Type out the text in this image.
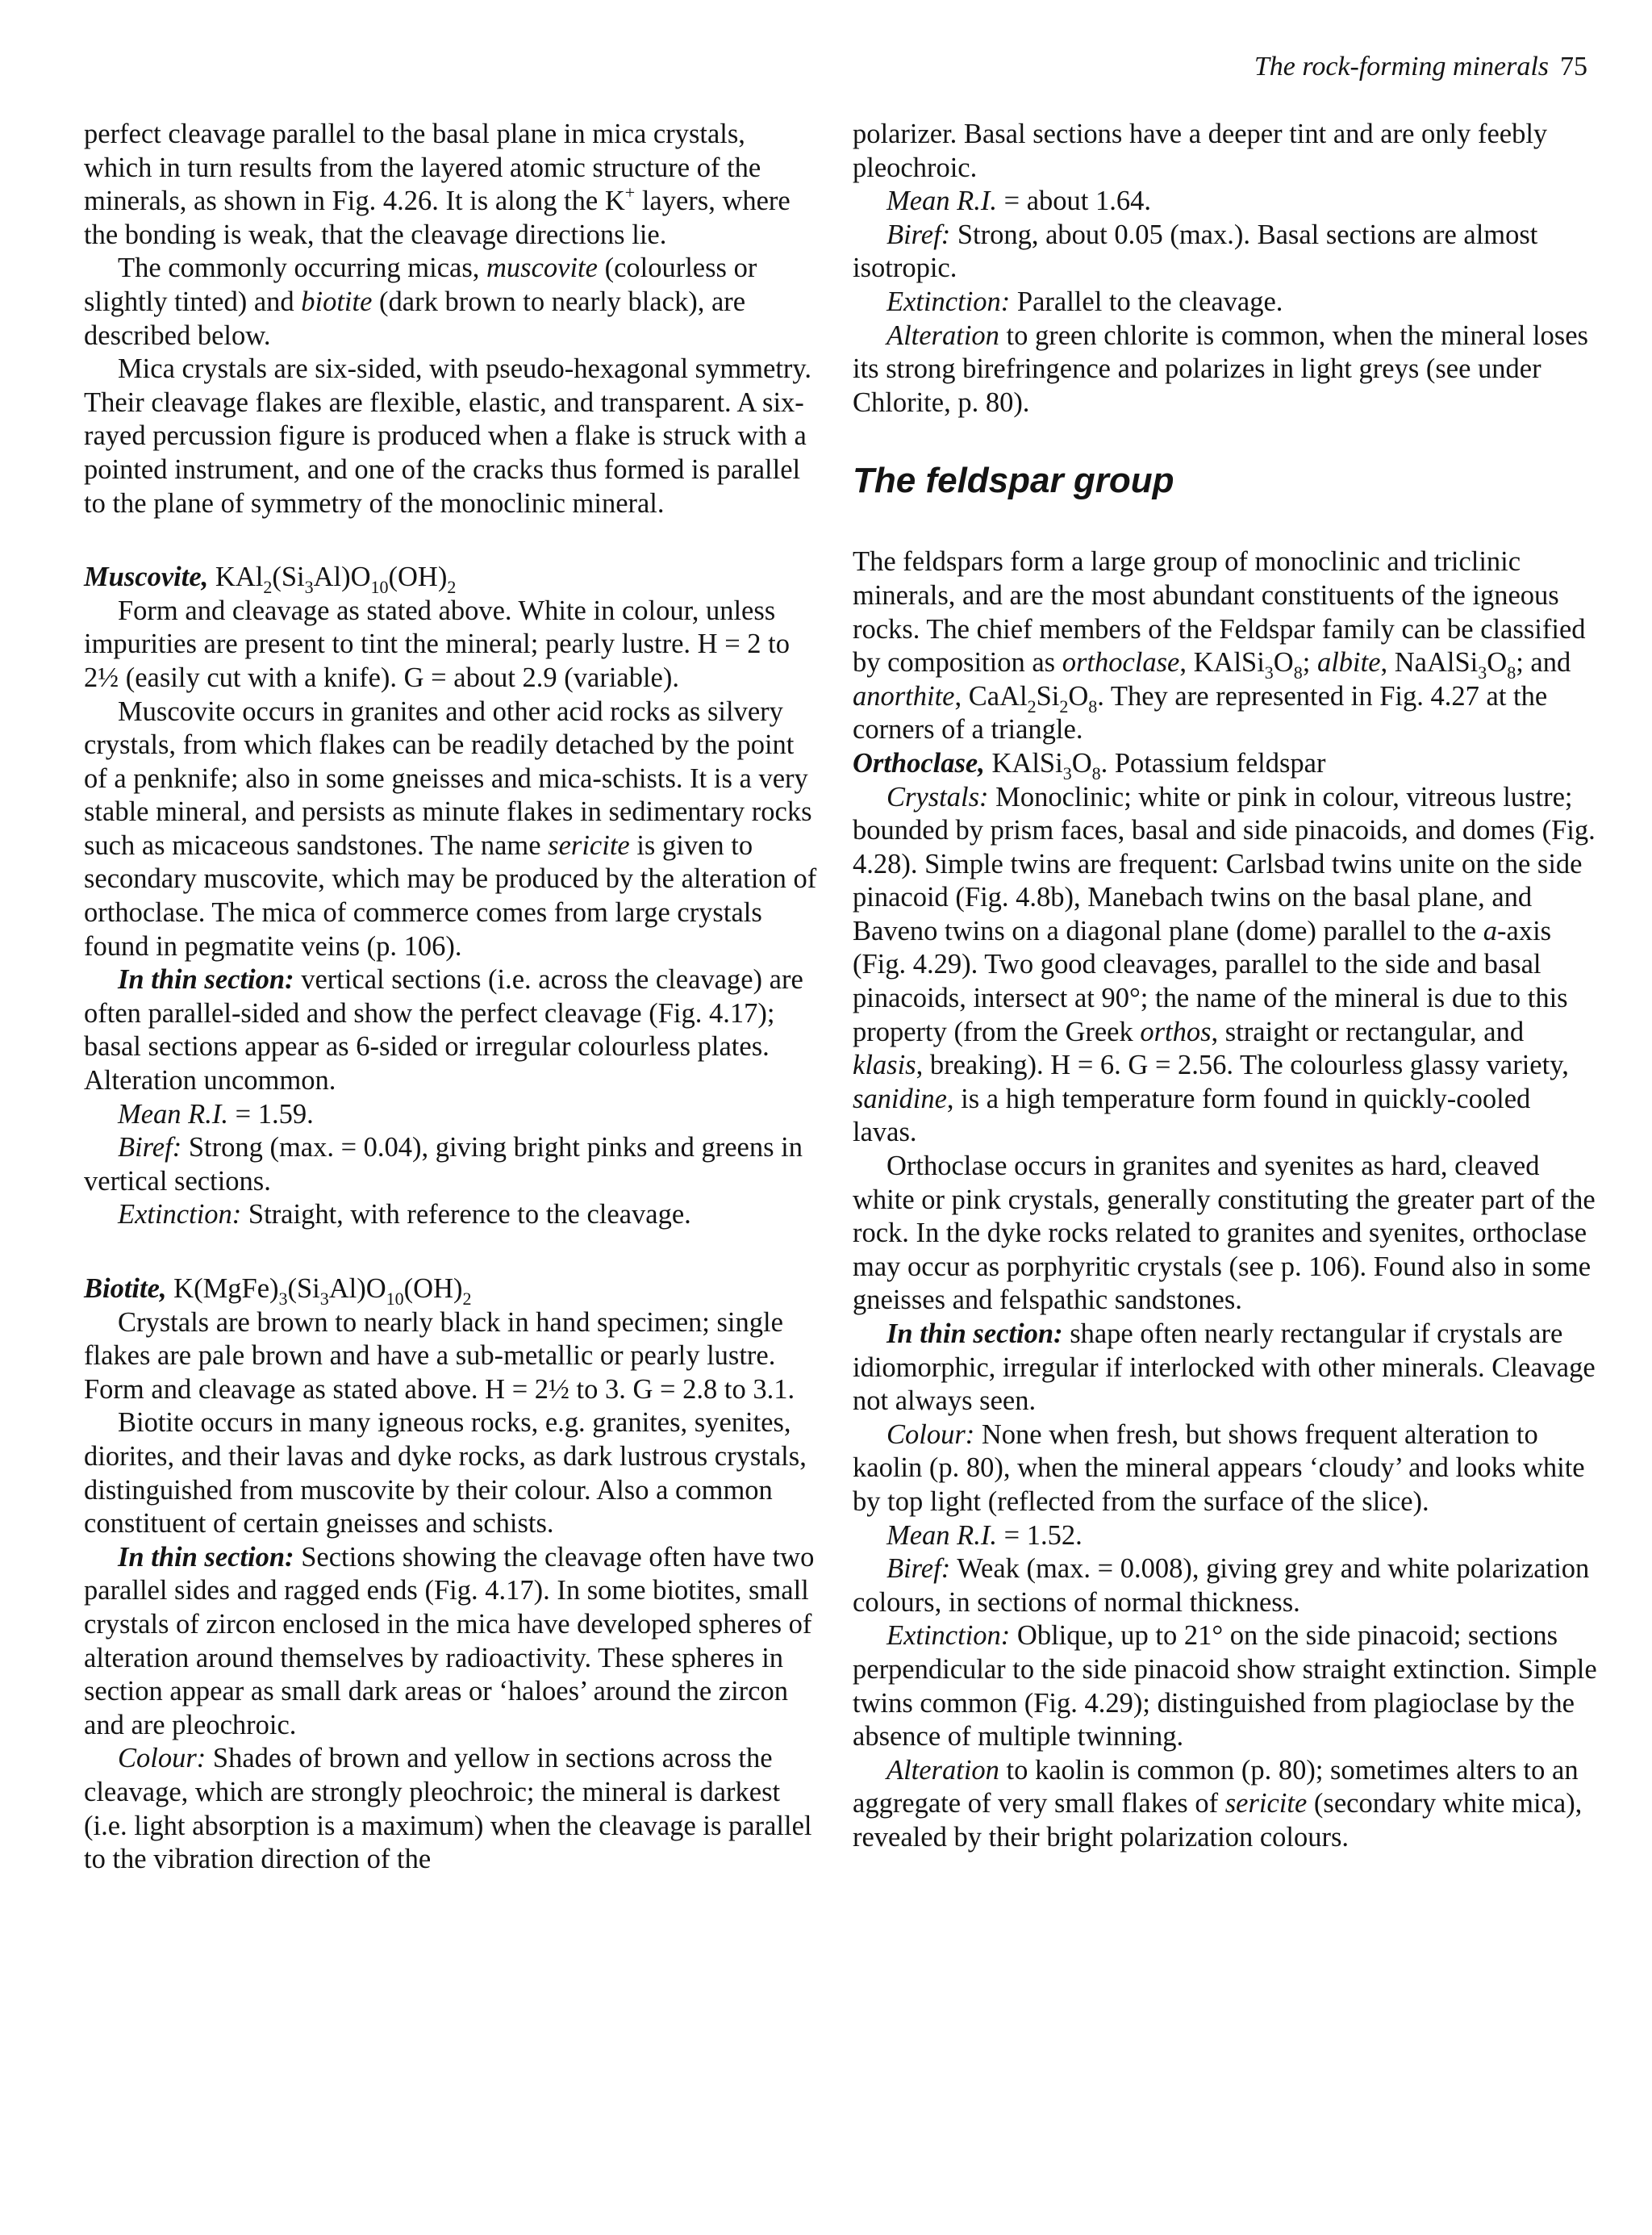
The rock-forming minerals 75

perfect cleavage parallel to the basal plane in mica crystals, which in turn results from the layered atomic structure of the minerals, as shown in Fig. 4.26. It is along the K+ layers, where the bonding is weak, that the cleavage directions lie.

The commonly occurring micas, muscovite (colourless or slightly tinted) and biotite (dark brown to nearly black), are described below.

Mica crystals are six-sided, with pseudo-hexagonal symmetry. Their cleavage flakes are flexible, elastic, and transparent. A six-rayed percussion figure is produced when a flake is struck with a pointed instrument, and one of the cracks thus formed is parallel to the plane of symmetry of the monoclinic mineral.

Muscovite, $KAl_2(Si_3Al)O_{10}(OH)_2$

Form and cleavage as stated above. White in colour, unless impurities are present to tint the mineral; pearly lustre. H = 2 to 2½ (easily cut with a knife). G = about 2.9 (variable).

Muscovite occurs in granites and other acid rocks as silvery crystals, from which flakes can be readily detached by the point of a penknife; also in some gneisses and mica-schists. It is a very stable mineral, and persists as minute flakes in sedimentary rocks such as micaceous sandstones. The name sericite is given to secondary muscovite, which may be produced by the alteration of orthoclase. The mica of commerce comes from large crystals found in pegmatite veins (p. 106).

In thin section: vertical sections (i.e. across the cleavage) are often parallel-sided and show the perfect cleavage (Fig. 4.17); basal sections appear as 6-sided or irregular colourless plates. Alteration uncommon.

Mean R.I. = 1.59.

Biref: Strong (max. = 0.04), giving bright pinks and greens in vertical sections.

Extinction: Straight, with reference to the cleavage.

Biotite, $K(MgFe)_3(Si_3Al)O_{10}(OH)_2$

Crystals are brown to nearly black in hand specimen; single flakes are pale brown and have a sub-metallic or pearly lustre. Form and cleavage as stated above. H = 2½ to 3. G = 2.8 to 3.1.

Biotite occurs in many igneous rocks, e.g. granites, syenites, diorites, and their lavas and dyke rocks, as dark lustrous crystals, distinguished from muscovite by their colour. Also a common constituent of certain gneisses and schists.

In thin section: Sections showing the cleavage often have two parallel sides and ragged ends (Fig. 4.17). In some biotites, small crystals of zircon enclosed in the mica have developed spheres of alteration around themselves by radioactivity. These spheres in section appear as small dark areas or ‘haloes’ around the zircon and are pleochroic.

Colour: Shades of brown and yellow in sections across the cleavage, which are strongly pleochroic; the mineral is darkest (i.e. light absorption is a maximum) when the cleavage is parallel to the vibration direction of the

polarizer. Basal sections have a deeper tint and are only feebly pleochroic.

Mean R.I. = about 1.64.

Biref: Strong, about 0.05 (max.). Basal sections are almost isotropic.

Extinction: Parallel to the cleavage.

Alteration to green chlorite is common, when the mineral loses its strong birefringence and polarizes in light greys (see under Chlorite, p. 80).

The feldspar group

The feldspars form a large group of monoclinic and triclinic minerals, and are the most abundant constituents of the igneous rocks. The chief members of the Feldspar family can be classified by composition as orthoclase, $KAlSi_3O_8$; albite, $NaAlSi_3O_8$; and anorthite, $CaAl_2Si_2O_8$. They are represented in Fig. 4.27 at the corners of a triangle.

Orthoclase, $KAlSi_3O_8$. Potassium feldspar

Crystals: Monoclinic; white or pink in colour, vitreous lustre; bounded by prism faces, basal and side pinacoids, and domes (Fig. 4.28). Simple twins are frequent: Carlsbad twins unite on the side pinacoid (Fig. 4.8b), Manebach twins on the basal plane, and Baveno twins on a diagonal plane (dome) parallel to the a-axis (Fig. 4.29). Two good cleavages, parallel to the side and basal pinacoids, intersect at 90°; the name of the mineral is due to this property (from the Greek orthos, straight or rectangular, and klasis, breaking). H = 6. G = 2.56. The colourless glassy variety, sanidine, is a high temperature form found in quickly-cooled lavas.

Orthoclase occurs in granites and syenites as hard, cleaved white or pink crystals, generally constituting the greater part of the rock. In the dyke rocks related to granites and syenites, orthoclase may occur as porphyritic crystals (see p. 106). Found also in some gneisses and felspathic sandstones.

In thin section: shape often nearly rectangular if crystals are idiomorphic, irregular if interlocked with other minerals. Cleavage not always seen.

Colour: None when fresh, but shows frequent alteration to kaolin (p. 80), when the mineral appears ‘cloudy’ and looks white by top light (reflected from the surface of the slice).

Mean R.I. = 1.52.

Biref: Weak (max. = 0.008), giving grey and white polarization colours, in sections of normal thickness.

Extinction: Oblique, up to 21° on the side pinacoid; sections perpendicular to the side pinacoid show straight extinction. Simple twins common (Fig. 4.29); distinguished from plagioclase by the absence of multiple twinning.

Alteration to kaolin is common (p. 80); sometimes alters to an aggregate of very small flakes of sericite (secondary white mica), revealed by their bright polarization colours.
